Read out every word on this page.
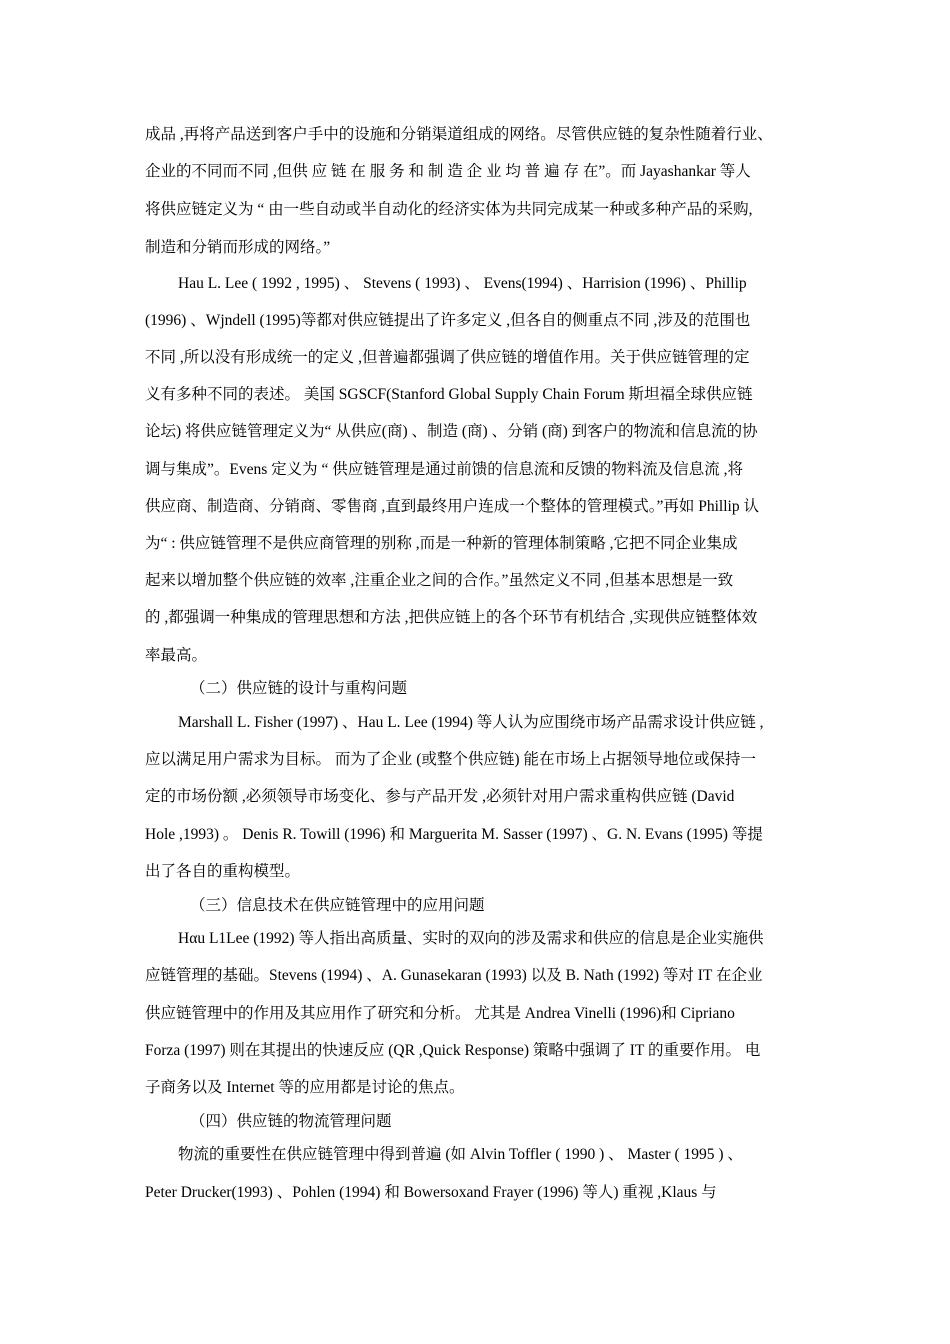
成品 ,再将产品送到客户手中的设施和分销渠道组成的网络。尽管供应链的复杂性随着行业、
企业的不同而不同 ,但供 应 链 在 服 务 和 制 造 企 业 均 普 遍 存 在”。而 Jayashankar 等人
将供应链定义为 “ 由一些自动或半自动化的经济实体为共同完成某一种或多种产品的采购,
制造和分销而形成的网络。”
Hau L. Lee ( 1992 , 1995) 、 Stevens ( 1993) 、 Evens(1994) 、Harrision (1996) 、Phillip
(1996) 、Wjndell (1995)等都对供应链提出了许多定义 ,但各自的侧重点不同 ,涉及的范围也
不同 ,所以没有形成统一的定义 ,但普遍都强调了供应链的增值作用。关于供应链管理的定
义有多种不同的表述。 美国 SGSCF(Stanford Global Supply Chain Forum 斯坦福全球供应链
论坛) 将供应链管理定义为“ 从供应(商) 、制造 (商) 、分销 (商) 到客户的物流和信息流的协
调与集成”。Evens 定义为 “ 供应链管理是通过前馈的信息流和反馈的物料流及信息流 ,将
供应商、制造商、分销商、零售商 ,直到最终用户连成一个整体的管理模式。”再如 Phillip 认
为“ : 供应链管理不是供应商管理的别称 ,而是一种新的管理体制策略 ,它把不同企业集成
起来以增加整个供应链的效率 ,注重企业之间的合作。”虽然定义不同 ,但基本思想是一致
的 ,都强调一种集成的管理思想和方法 ,把供应链上的各个环节有机结合 ,实现供应链整体效
率最高。
（二）供应链的设计与重构问题
Marshall L. Fisher (1997) 、Hau L. Lee (1994) 等人认为应围绕市场产品需求设计供应链 ,
应以满足用户需求为目标。 而为了企业 (或整个供应链) 能在市场上占据领导地位或保持一
定的市场份额 ,必须领导市场变化、参与产品开发 ,必须针对用户需求重构供应链 (David
Hole ,1993) 。 Denis R. Towill (1996) 和 Marguerita M. Sasser (1997) 、G. N. Evans (1995) 等提
出了各自的重构模型。
（三）信息技术在供应链管理中的应用问题
Hαu L1Lee (1992) 等人指出高质量、实时的双向的涉及需求和供应的信息是企业实施供
应链管理的基础。Stevens (1994) 、A. Gunasekaran (1993) 以及 B. Nath (1992) 等对 IT 在企业
供应链管理中的作用及其应用作了研究和分析。 尤其是 Andrea Vinelli (1996)和 Cipriano
Forza (1997) 则在其提出的快速反应 (QR ,Quick Response) 策略中强调了 IT 的重要作用。 电
子商务以及 Internet 等的应用都是讨论的焦点。
（四）供应链的物流管理问题
物流的重要性在供应链管理中得到普遍 (如 Alvin Toffler ( 1990 ) 、 Master ( 1995 ) 、
Peter Drucker(1993) 、Pohlen (1994) 和 Bowersoxand Frayer (1996) 等人) 重视 ,Klaus 与
